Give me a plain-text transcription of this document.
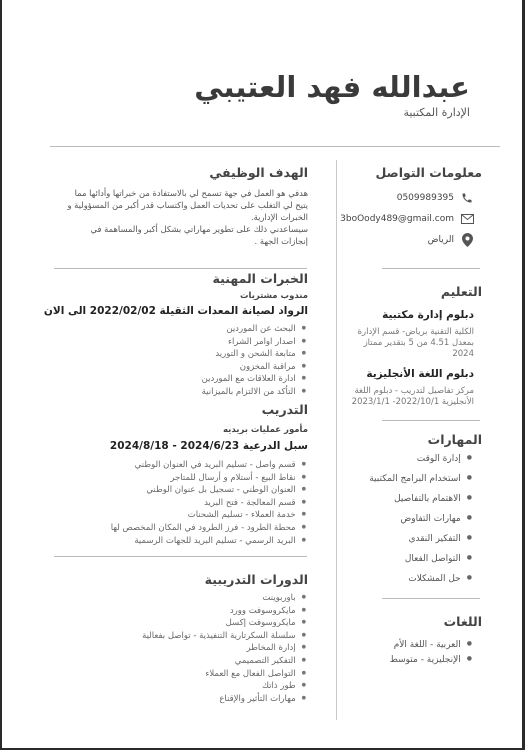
عبدالله فهد العتيبي
الإدارة المكتبية
معلومات التواصل
0509989395
3boOody489@gmail.com
الرياض
التعليم
دبلوم إدارة مكتبية
الكلية التقنية برياض- قسم الإدارة بمعدل 4.51 من 5 بتقدير ممتاز 2024
دبلوم اللغة الأنجليزية
مركز تفاصيل لتدريب - دبلوم اللغة الأنجليزية 2022/10/1- 2023/1/1
المهارات
● إدارة الوقت
● استخدام البرامج المكتبية
● الاهتمام بالتفاصيل
● مهارات التفاوض
● التفكير النقدي
● التواصل الفعال
● حل المشكلات
اللغات
● العربية - اللغة الأم
● الإنجليزية - متوسط
الهدف الوظيفي
هدفي هو العمل في جهة تسمح لي بالاستفادة من خبراتها وأدائها مما
يتيح لي التغلب على تحديات العمل واكتساب قدر أكبر من المسؤولية و
الخبرات الإدارية.
سيساعدني ذلك على تطوير مهاراتي بشكل أكبر والمساهمة في
إنجازات الجهة .
الخبرات المهنية
مندوب مشتريات
الرواد لصيانة المعدات الثقيلة 2022/02/02 الى الان
● البحث عن الموردين
● اصدار اوامر الشراء
● متابعة الشحن و التوريد
● مراقبة المخزون
● ادارة العلاقات مع الموردين
● التأكد من الالتزام بالميزانية
التدريب
مأمور عمليات بريديه
سبل الدرعية 2024/6/23 - 2024/8/18
● قسم واصل - تسليم البريد في العنوان الوطني
● نقاط البيع - أستلام و أرسال للمتاجر
● العنوان الوطني - تسجيل بل عنوان الوطني
● قسم المعالجة - فتح البريد
● خدمة العملاء - تسليم الشحنات
● محطة الطرود - فرز الطرود في المكان المخصص لها
● البريد الرسمي - تسليم البريد للجهات الرسمية
الدورات التدريبية
● باوربوينت
● مايكروسوفت وورد
● مايكروسوفت إكسل
● سلسلة السكرتارية التنفيذية - تواصل بفعالية
● إدارة المخاطر
● التفكير التصميمي
● التواصل الفعال مع العملاء
● طور ذاتك
● مهارات التأثير والإقناع
